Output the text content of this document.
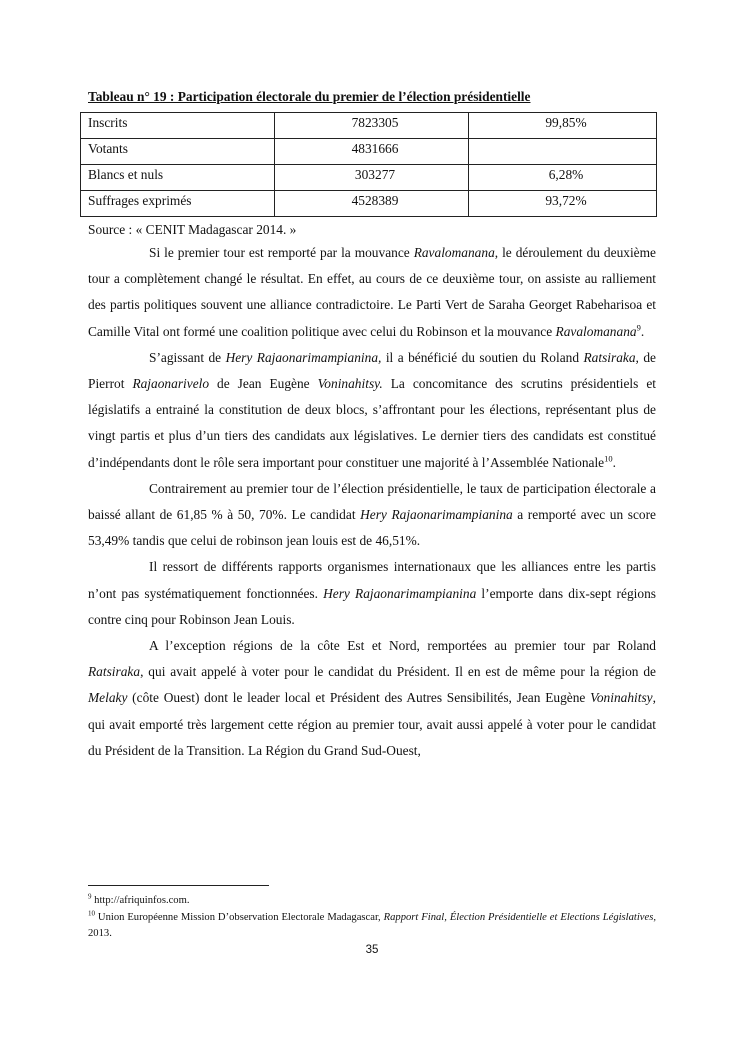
Tableau n° 19 : Participation électorale du premier de l’élection présidentielle
Inscrits	7823305	99,85%
Votants	4831666	
Blancs et nuls	303277	6,28%
Suffrages exprimés	4528389	93,72%
Source : « CENIT Madagascar 2014. »

Si le premier tour est remporté par la mouvance Ravalomanana, le déroulement du deuxième tour a complètement changé le résultat. En effet, au cours de ce deuxième tour, on assiste au ralliement des partis politiques souvent une alliance contradictoire. Le Parti Vert de Saraha Georget Rabeharisoa et Camille Vital ont formé une coalition politique avec celui du Robinson et la mouvance Ravalomanana$^9$.

S’agissant de Hery Rajaonarimampianina, il a bénéficié du soutien du Roland Ratsiraka, de Pierrot Rajaonarivelo de Jean Eugène Voninahitsy. La concomitance des scrutins présidentiels et législatifs a entrainé la constitution de deux blocs, s’affrontant pour les élections, représentant plus de vingt partis et plus d’un tiers des candidats aux législatives. Le dernier tiers des candidats est constitué d’indépendants dont le rôle sera important pour constituer une majorité à l’Assemblée Nationale$^{10}$.

Contrairement au premier tour de l’élection présidentielle, le taux de participation électorale a baissé allant de 61,85 % à 50, 70%. Le candidat Hery Rajaonarimampianina a remporté avec un score 53,49% tandis que celui de robinson jean louis est de 46,51%.

Il ressort de différents rapports organismes internationaux que les alliances entre les partis n’ont pas systématiquement fonctionnées. Hery Rajaonarimampianina l’emporte dans dix-sept régions contre cinq pour Robinson Jean Louis.

A l’exception régions de la côte Est et Nord, remportées au premier tour par Roland Ratsiraka, qui avait appelé à voter pour le candidat du Président. Il en est de même pour la région de Melaky (côte Ouest) dont le leader local et Président des Autres Sensibilités, Jean Eugène Voninahitsy, qui avait emporté très largement cette région au premier tour, avait aussi appelé à voter pour le candidat du Président de la Transition. La Région du Grand Sud-Ouest,

$^9$ http://afriquinfos.com.

$^{10}$ Union Européenne Mission D’observation Electorale Madagascar, Rapport Final, Élection Présidentielle et Elections Législatives, 2013.

35
